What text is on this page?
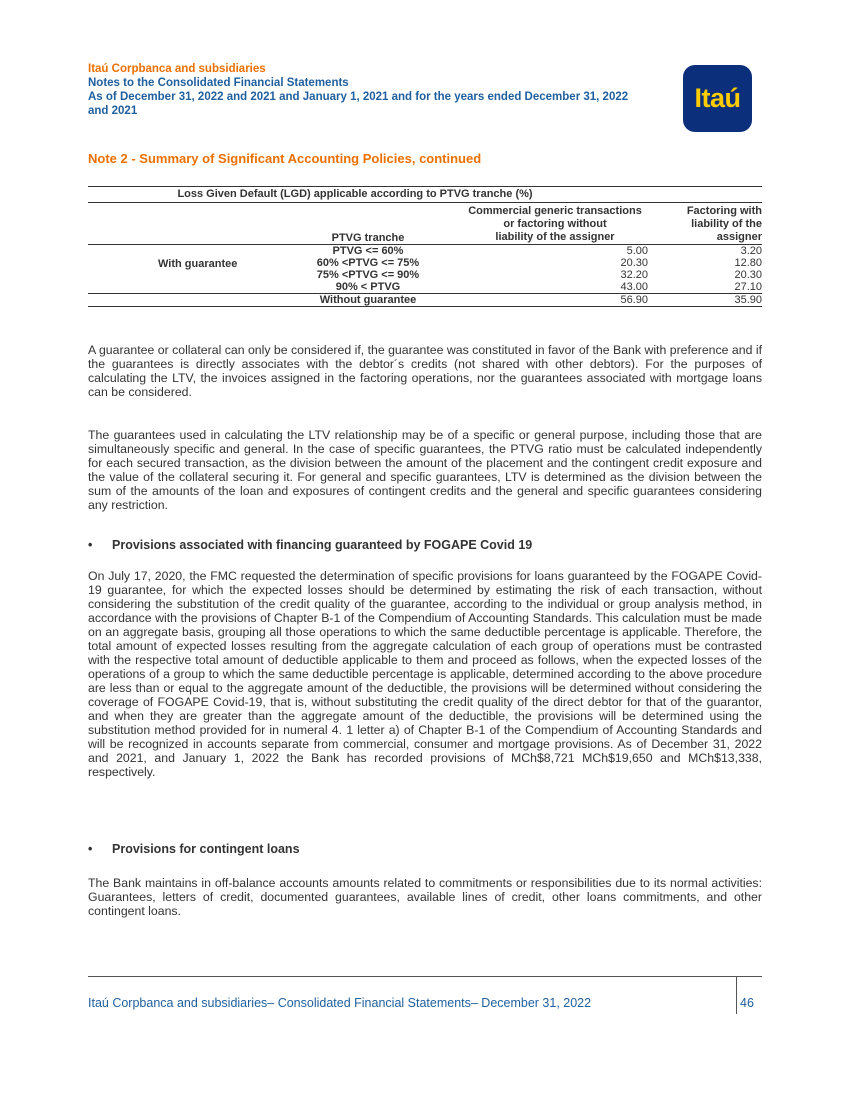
Itaú Corpbanca and subsidiaries
Notes to the Consolidated Financial Statements
As of December 31, 2022 and 2021 and January 1, 2021 and for the years ended December 31, 2022
and 2021	Itaú
Note 2 - Summary of Significant Accounting Policies, continued
Loss Given Default (LGD) applicable according to PTVG tranche (%)
PTVG tranche
Commercial generic transactions
or factoring without
liability of the assigner
Factoring with
liability of the
assigner
With guarantee
PTVG <= 60%	5.00	3.20
60% <PTVG <= 75%	20.30	12.80
75% <PTVG <= 90%	32.20	20.30
90% < PTVG	43.00	27.10
Without guarantee	56.90	35.90
A guarantee or collateral can only be considered if, the guarantee was constituted in favor of the Bank with preference and if the guarantees is directly associates with the debtor´s credits (not shared with other debtors). For the purposes of calculating the LTV, the invoices assigned in the factoring operations, nor the guarantees associated with mortgage loans can be considered.
The guarantees used in calculating the LTV relationship may be of a specific or general purpose, including those that are simultaneously specific and general. In the case of specific guarantees, the PTVG ratio must be calculated independently for each secured transaction, as the division between the amount of the placement and the contingent credit exposure and the value of the collateral securing it. For general and specific guarantees, LTV is determined as the division between the sum of the amounts of the loan and exposures of contingent credits and the general and specific guarantees considering any restriction.
• Provisions associated with financing guaranteed by FOGAPE Covid 19
On July 17, 2020, the FMC requested the determination of specific provisions for loans guaranteed by the FOGAPE Covid-19 guarantee, for which the expected losses should be determined by estimating the risk of each transaction, without considering the substitution of the credit quality of the guarantee, according to the individual or group analysis method, in accordance with the provisions of Chapter B-1 of the Compendium of Accounting Standards. This calculation must be made on an aggregate basis, grouping all those operations to which the same deductible percentage is applicable. Therefore, the total amount of expected losses resulting from the aggregate calculation of each group of operations must be contrasted with the respective total amount of deductible applicable to them and proceed as follows, when the expected losses of the operations of a group to which the same deductible percentage is applicable, determined according to the above procedure are less than or equal to the aggregate amount of the deductible, the provisions will be determined without considering the coverage of FOGAPE Covid-19, that is, without substituting the credit quality of the direct debtor for that of the guarantor, and when they are greater than the aggregate amount of the deductible, the provisions will be determined using the substitution method provided for in numeral 4. 1 letter a) of Chapter B-1 of the Compendium of Accounting Standards and will be recognized in accounts separate from commercial, consumer and mortgage provisions. As of December 31, 2022 and 2021, and January 1, 2022 the Bank has recorded provisions of MCh$8,721 MCh$19,650 and MCh$13,338, respectively.
• Provisions for contingent loans
The Bank maintains in off-balance accounts amounts related to commitments or responsibilities due to its normal activities: Guarantees, letters of credit, documented guarantees, available lines of credit, other loans commitments, and other contingent loans.
Itaú Corpbanca and subsidiaries– Consolidated Financial Statements– December 31, 2022	46
